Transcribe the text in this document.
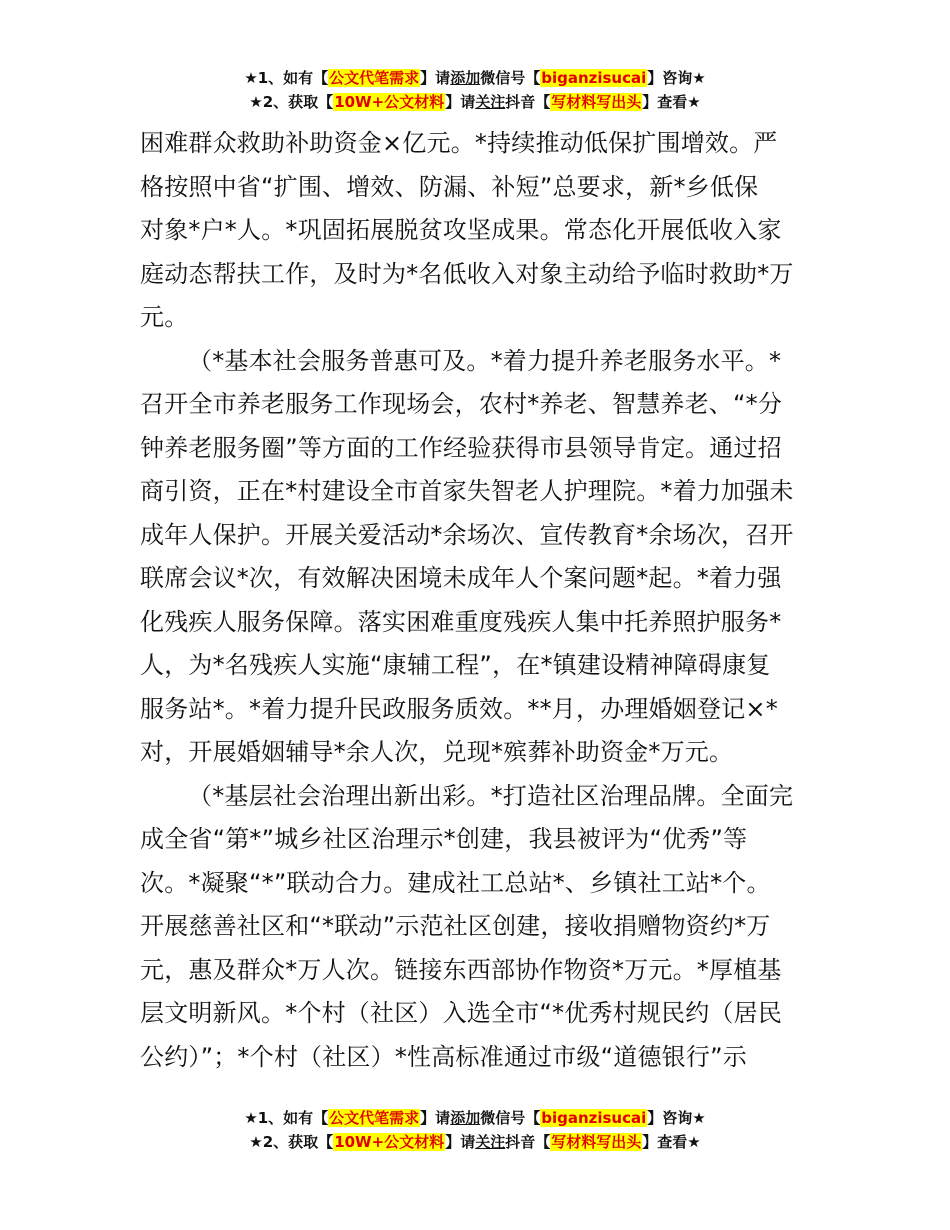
★1、如有【公文代笔需求】请添加微信号【biganzisucai】咨询★
★2、获取【10W+公文材料】请关注抖音【写材料写出头】查看★
困难群众救助补助资金×亿元。*持续推动低保扩围增效。严
格按照中省“扩围、增效、防漏、补短”总要求，新*乡低保
对象*户*人。*巩固拓展脱贫攻坚成果。常态化开展低收入家
庭动态帮扶工作，及时为*名低收入对象主动给予临时救助*万
元。
（*基本社会服务普惠可及。*着力提升养老服务水平。*
召开全市养老服务工作现场会，农村*养老、智慧养老、“*分
钟养老服务圈”等方面的工作经验获得市县领导肯定。通过招
商引资，正在*村建设全市首家失智老人护理院。*着力加强未
成年人保护。开展关爱活动*余场次、宣传教育*余场次，召开
联席会议*次，有效解决困境未成年人个案问题*起。*着力强
化残疾人服务保障。落实困难重度残疾人集中托养照护服务*
人，为*名残疾人实施“康辅工程”，在*镇建设精神障碍康复
服务站*。*着力提升民政服务质效。**月，办理婚姻登记×*
对，开展婚姻辅导*余人次，兑现*殡葬补助资金*万元。
（*基层社会治理出新出彩。*打造社区治理品牌。全面完
成全省“第*”城乡社区治理示*创建，我县被评为“优秀”等
次。*凝聚“*”联动合力。建成社工总站*、乡镇社工站*个。
开展慈善社区和“*联动”示范社区创建，接收捐赠物资约*万
元，惠及群众*万人次。链接东西部协作物资*万元。*厚植基
层文明新风。*个村（社区）入选全市“*优秀村规民约（居民
公约）”；*个村（社区）*性高标准通过市级“道德银行”示
★1、如有【公文代笔需求】请添加微信号【biganzisucai】咨询★
★2、获取【10W+公文材料】请关注抖音【写材料写出头】查看★
